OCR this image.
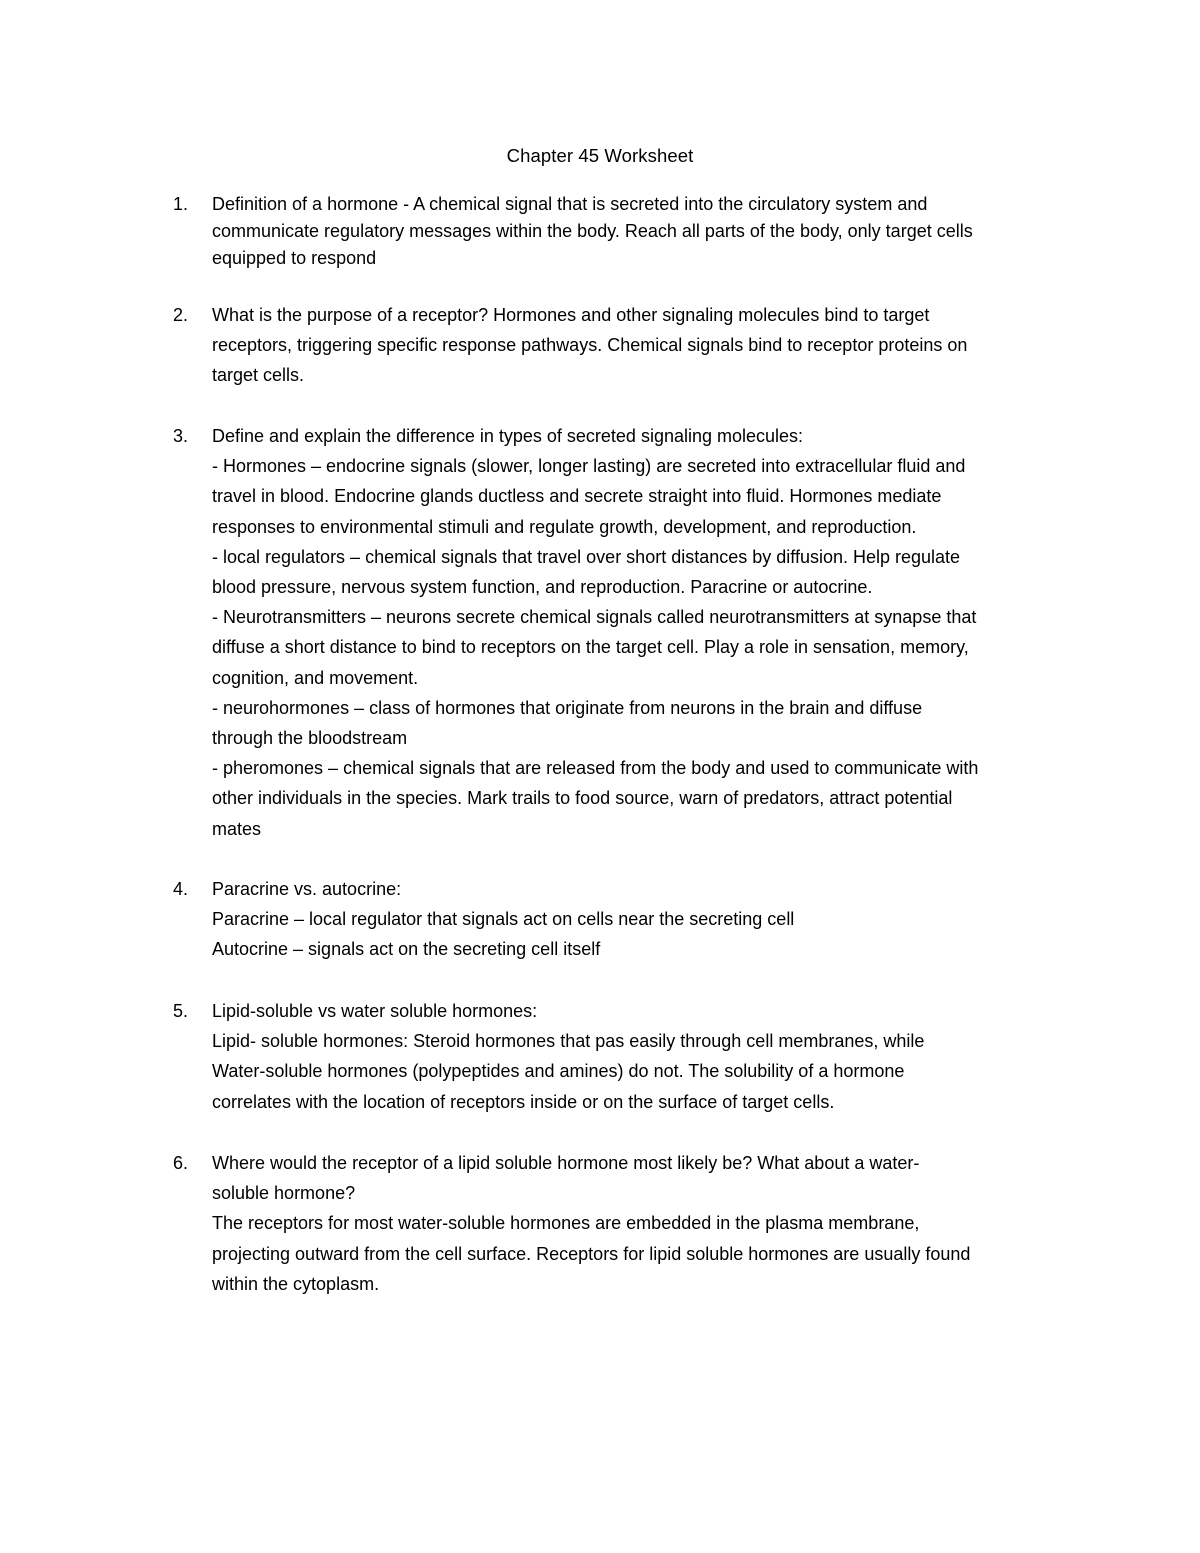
Chapter 45 Worksheet
1.	Definition of a hormone - A chemical signal that is secreted into the circulatory system and
communicate regulatory messages within the body. Reach all parts of the body, only target cells
equipped to respond
2.	What is the purpose of a receptor? Hormones and other signaling molecules bind to target
receptors, triggering specific response pathways. Chemical signals bind to receptor proteins on
target cells.
3.	Define and explain the difference in types of secreted signaling molecules:
- Hormones – endocrine signals (slower, longer lasting) are secreted into extracellular fluid and
travel in blood. Endocrine glands ductless and secrete straight into fluid. Hormones mediate
responses to environmental stimuli and regulate growth, development, and reproduction.
- local regulators – chemical signals that travel over short distances by diffusion. Help regulate
blood pressure, nervous system function, and reproduction. Paracrine or autocrine.
- Neurotransmitters – neurons secrete chemical signals called neurotransmitters at synapse that
diffuse a short distance to bind to receptors on the target cell. Play a role in sensation, memory,
cognition, and movement.
- neurohormones – class of hormones that originate from neurons in the brain and diffuse
through the bloodstream
- pheromones – chemical signals that are released from the body and used to communicate with
other individuals in the species. Mark trails to food source, warn of predators, attract potential
mates
4.	Paracrine vs. autocrine:
Paracrine – local regulator that signals act on cells near the secreting cell
Autocrine – signals act on the secreting cell itself
5.	Lipid-soluble vs water soluble hormones:
Lipid- soluble hormones: Steroid hormones that pas easily through cell membranes, while
Water-soluble hormones (polypeptides and amines) do not. The solubility of a hormone
correlates with the location of receptors inside or on the surface of target cells.
6.	Where would the receptor of a lipid soluble hormone most likely be? What about a water-
soluble hormone?
The receptors for most water-soluble hormones are embedded in the plasma membrane,
projecting outward from the cell surface. Receptors for lipid soluble hormones are usually found
within the cytoplasm.
